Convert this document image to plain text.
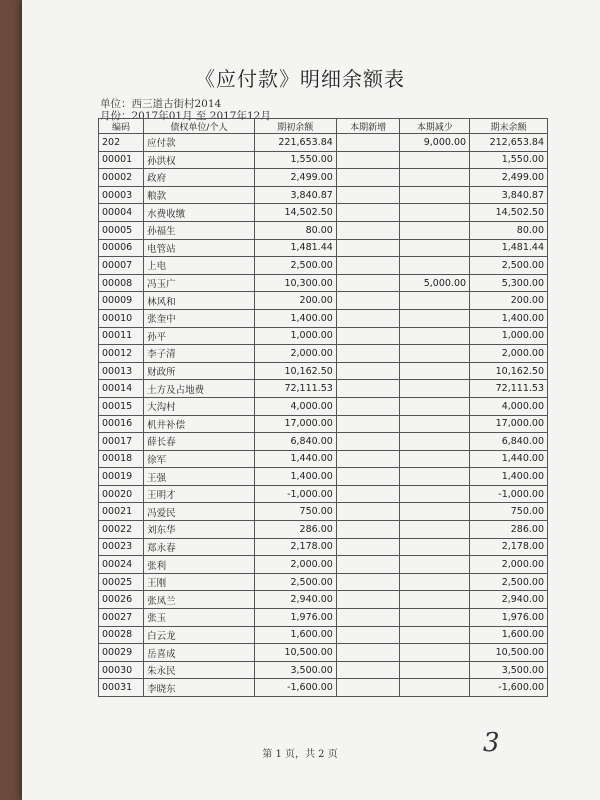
《应付款》明细余额表
单位：西三道古街村2014
月份：2017年01月 至 2017年12月
编码	债权单位/个人	期初余额	本期新增	本期减少	期末余额
202	应付款	221,653.84		9,000.00	212,653.84
00001	孙洪权	1,550.00			1,550.00
00002	政府	2,499.00			2,499.00
00003	粮款	3,840.87			3,840.87
00004	水费收缴	14,502.50			14,502.50
00005	孙福生	80.00			80.00
00006	电管站	1,481.44			1,481.44
00007	上电	2,500.00			2,500.00
00008	冯玉广	10,300.00		5,000.00	5,300.00
00009	林风和	200.00			200.00
00010	张奎中	1,400.00			1,400.00
00011	孙平	1,000.00			1,000.00
00012	李子清	2,000.00			2,000.00
00013	财政所	10,162.50			10,162.50
00014	土方及占地费	72,111.53			72,111.53
00015	大沟村	4,000.00			4,000.00
00016	机井补偿	17,000.00			17,000.00
00017	薛长春	6,840.00			6,840.00
00018	徐军	1,440.00			1,440.00
00019	王强	1,400.00			1,400.00
00020	王明才	-1,000.00			-1,000.00
00021	冯爱民	750.00			750.00
00022	刘东华	286.00			286.00
00023	郑永春	2,178.00			2,178.00
00024	张利	2,000.00			2,000.00
00025	王刚	2,500.00			2,500.00
00026	张凤兰	2,940.00			2,940.00
00027	张玉	1,976.00			1,976.00
00028	白云龙	1,600.00			1,600.00
00029	岳喜成	10,500.00			10,500.00
00030	朱永民	3,500.00			3,500.00
00031	李晓东	-1,600.00			-1,600.00
第 1 页，共 2 页	3
